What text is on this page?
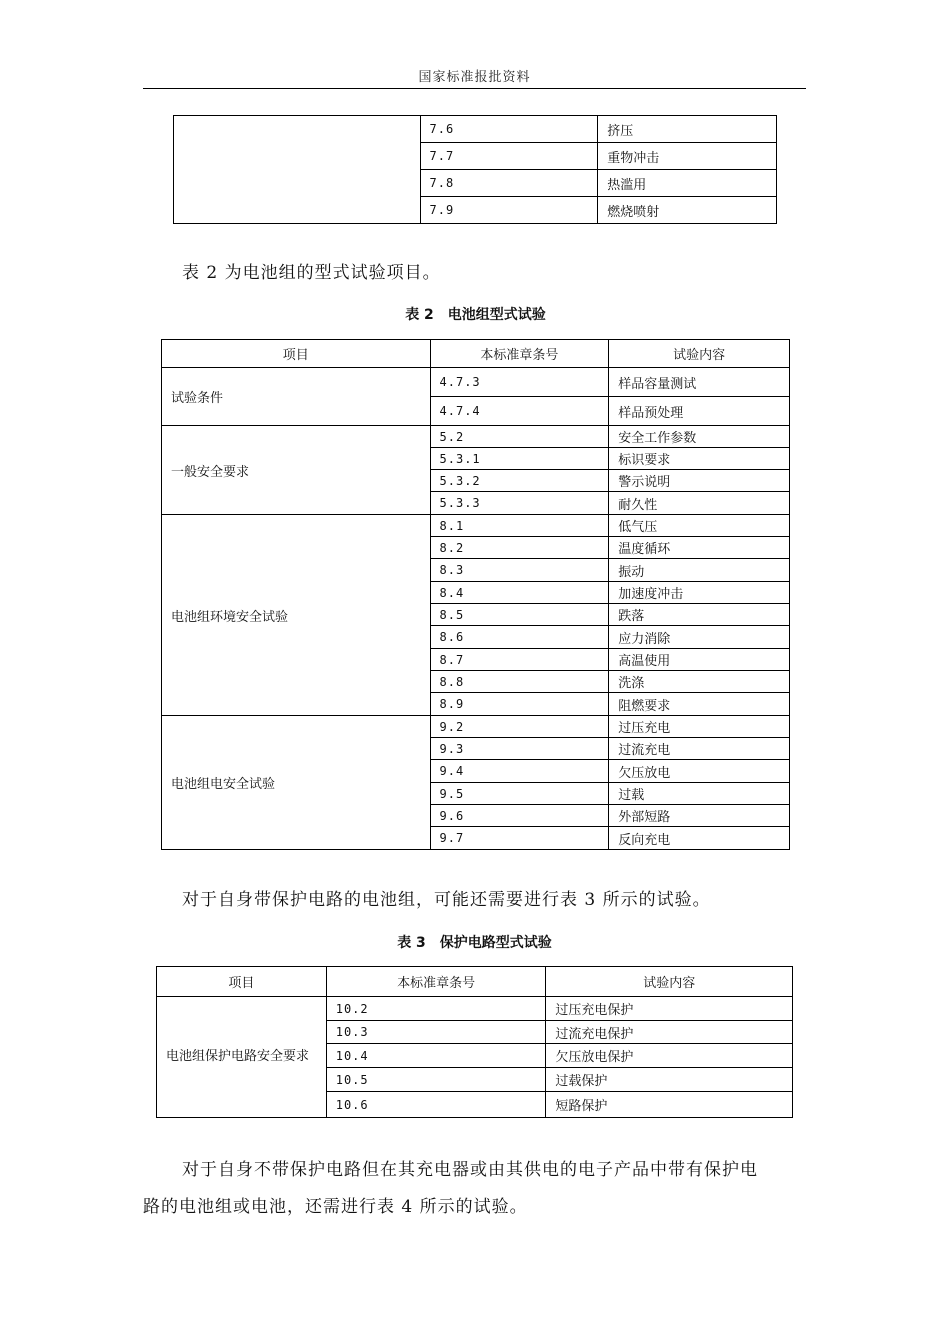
国家标准报批资料
	7.6	挤压
	7.7	重物冲击
	7.8	热滥用
	7.9	燃烧喷射
表 2 为电池组的型式试验项目。
表 2　电池组型式试验
项目	本标准章条号	试验内容
试验条件	4.7.3	样品容量测试
	4.7.4	样品预处理
一般安全要求	5.2	安全工作参数
	5.3.1	标识要求
	5.3.2	警示说明
	5.3.3	耐久性
电池组环境安全试验	8.1	低气压
	8.2	温度循环
	8.3	振动
	8.4	加速度冲击
	8.5	跌落
	8.6	应力消除
	8.7	高温使用
	8.8	洗涤
	8.9	阻燃要求
电池组电安全试验	9.2	过压充电
	9.3	过流充电
	9.4	欠压放电
	9.5	过载
	9.6	外部短路
	9.7	反向充电
对于自身带保护电路的电池组，可能还需要进行表 3 所示的试验。
表 3　保护电路型式试验
项目	本标准章条号	试验内容
电池组保护电路安全要求	10.2	过压充电保护
	10.3	过流充电保护
	10.4	欠压放电保护
	10.5	过载保护
	10.6	短路保护
对于自身不带保护电路但在其充电器或由其供电的电子产品中带有保护电
路的电池组或电池，还需进行表 4 所示的试验。
